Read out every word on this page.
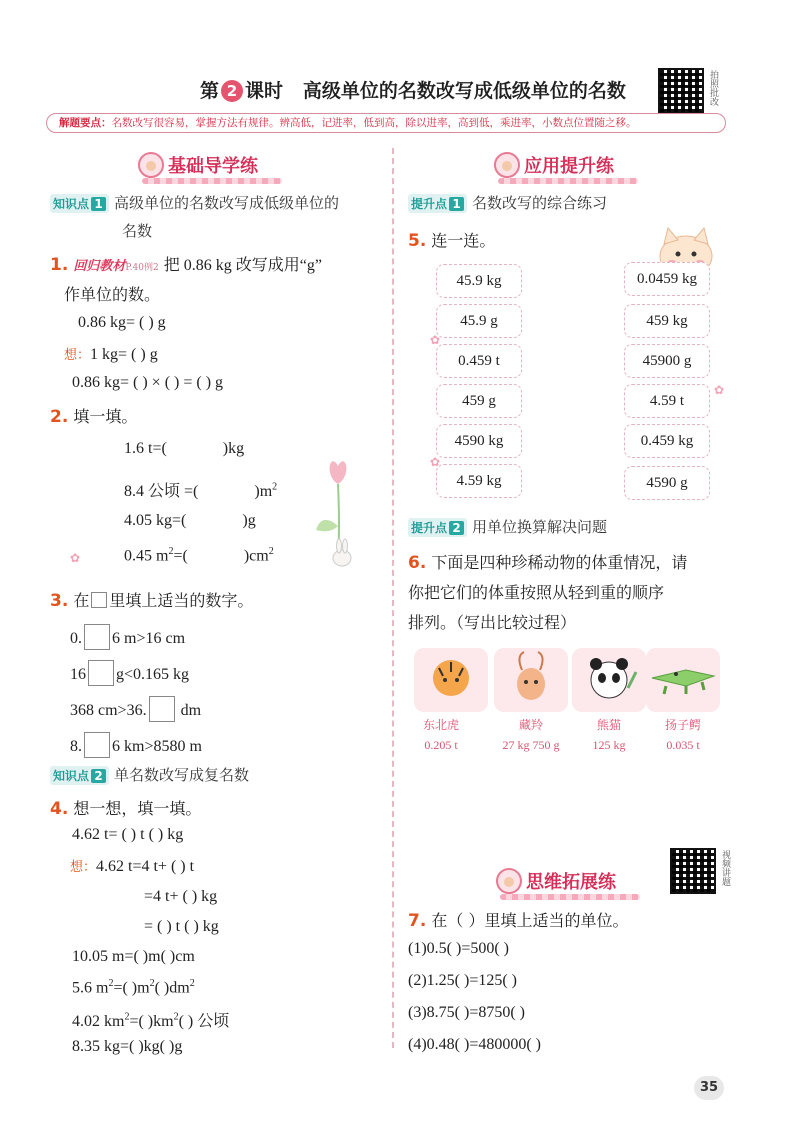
第 2 课时 高级单位的名数改写成低级单位的名数	拍照批改
解题要点：名数改写很容易，掌握方法有规律。辨高低，记进率，低到高，除以进率，高到低，乘进率，小数点位置随之移。
基础导学练
知识点 1 高级单位的名数改写成低级单位的
名数
1. 回归教材P.40例2 把 0.86 kg 改写成用“g”
作单位的数。
0.86 kg= ( ) g
想：1 kg= ( ) g
0.86 kg= ( ) × ( ) = ( ) g
2. 填一填。
1.6 t=(	)kg
8.4 公顷 =(	)$m^2$
4.05 kg=(	)g
0.45 $m^2=$(	)$cm^2$
✿
3. 在 里填上适当的数字。
0. 6 m>16 cm
16 g<0.165 kg
368 cm>36. dm
8. 6 km>8580 m
知识点 2 单名数改写成复名数
4. 想一想，填一填。
4.62 t= ( ) t ( ) kg
想：4.62 t=4 t+ ( ) t
=4 t+ ( ) kg
= ( ) t ( ) kg
10.05 m=( )m( )cm
5.6 $m^2=$( )$m^2$( )$dm^2$
4.02 $km^2=$( )$km^2$( ) 公顷
8.35 kg=( )kg( )g
应用提升练
提升点 1 名数改写的综合练习
5. 连一连。
45.9 kg
45.9 g
0.459 t
459 g
4590 kg
4.59 kg
0.0459 kg
459 kg
45900 g
4.59 t
0.459 kg
4590 g
✿
✿
✿
提升点 2 用单位换算解决问题
6. 下面是四种珍稀动物的体重情况，请
你把它们的体重按照从轻到重的顺序
排列。（写出比较过程）
东北虎	藏羚	熊猫	扬子鳄
0.205 t	27 kg 750 g	125 kg	0.035 t
思维拓展练	视频讲题
7. 在（ ）里填上适当的单位。
(1)0.5( )=500( )
(2)1.25( )=125( )
(3)8.75( )=8750( )
(4)0.48( )=480000( )
35
